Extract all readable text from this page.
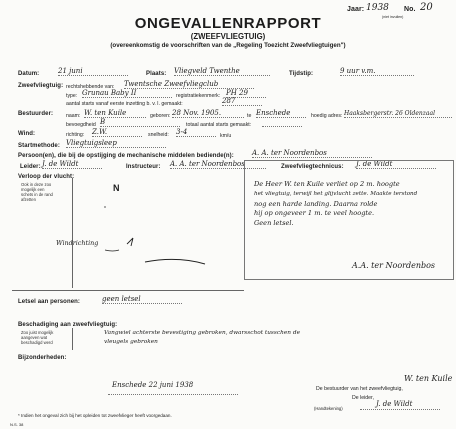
Jaar: 1938 No. 20
(niet invullen)
ONGEVALLENRAPPORT
(ZWEEFVLIEGTUIG)
(overeenkomstig de voorschriften van de „Regeling Toezicht Zweefvliegtuigen")
Datum:	21 juni	Plaats: Vliegveld Twenthe	Tijdstip:	9 uur v.m.
Zweefvliegtuig: rechtshebbende van: Twentsche Zweefvliegclub
type: Grunau Baby II	registratiekenmerk: PH 29
aantal starts vanaf eerste inzetting b. v. l. gemaakt:	287
Bestuurder: naam: W. ten Kuile	geboren: 28 Nov. 1905.	te Enschede	hoedig adres: Haaksbergerstr. 26 Oldenzaal
bevoegdheid B	totaal aantal starts gemaakt:
Wind:	richting: Z.W.	snelheid: 3-4	km/u
Startmethode: Vliegtuigsleep
Persoon(en), die bij de opstijging de mechanische middelen bediende(n):	A. A. ter Noordenbos
Leider: J. de Wildt	Instructeur: A. A. ter Noordenbos	Zweefvliegtechnicus: J. de Wildt
Verloop der vlucht:
Ook in deze zoo mogelijk een schets in de rand afzetten
N
Windrichting
De Heer W. ten Kuile verliet op 2 m. hoogte
het vliegtuig, terwijl het glijvlucht zette. Maakte terstond
nog een harde landing. Daarna rolde
hij op ongeveer 1 m. te veel hoogte.
Geen letsel.
A.A. ter Noordenbos
Letsel aan personen:	geen letsel
Beschadiging aan zweefvliegtuig:
Zoo juist mogelijk aangeven wat beschadigd werd
Vangwiel achterste bevestiging gebroken, dwarsschot tusschen de vleugels gebroken
Bijzonderheden:
Enschede 22 juni 1938
W. ten Kuile
De bestuurder van het zweefvliegtuig,
De leider,
J. de Wildt
(Handtekening)
* Indien het ongeval zich bij het opleiden tot zweefvlieger heeft voorgedaan.
N.S. 38
